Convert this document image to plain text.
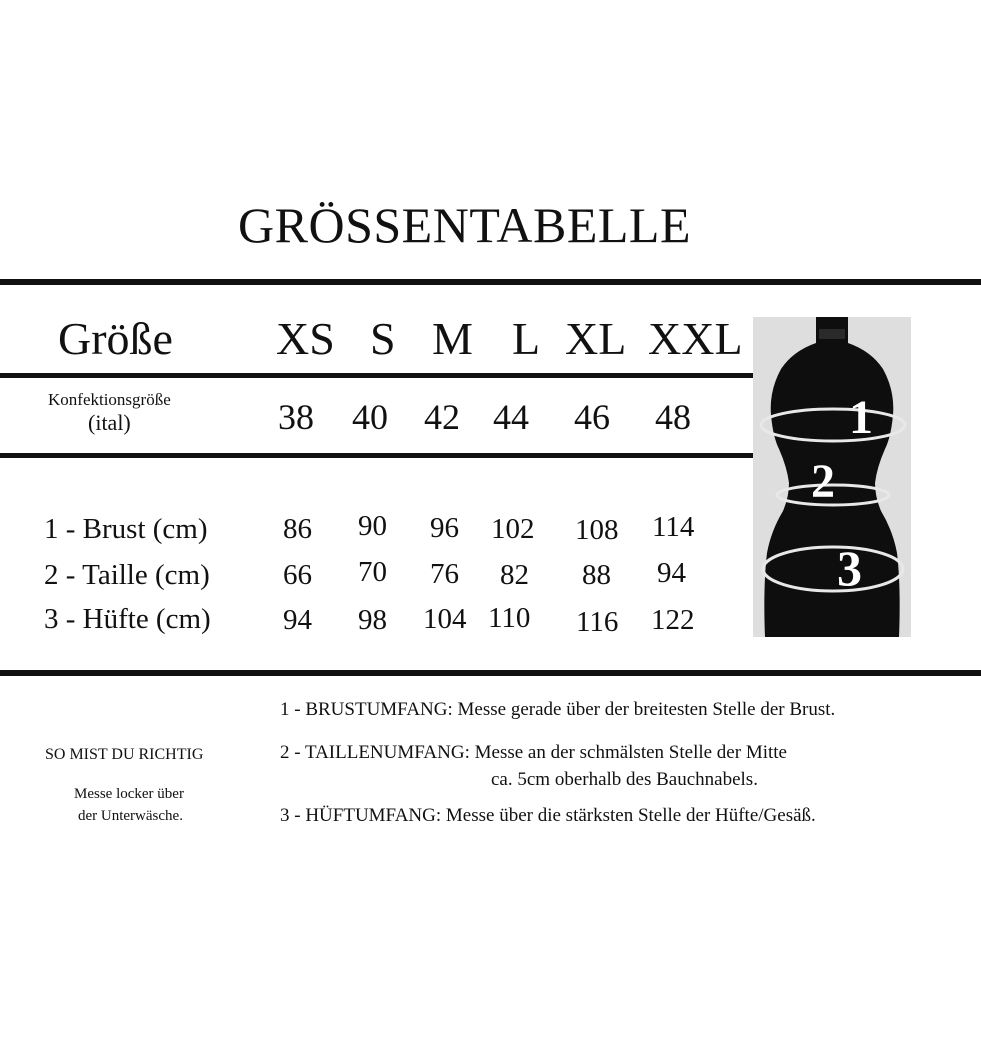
GRÖSSENTABELLE
Größe XS S M L XL XXL
Konfektionsgröße
(ital)	38 40 42 44 46 48
1 - Brust (cm)	86 90 96 102 108 114
2 - Taille (cm)	66 70 76 82 88 94
3 - Hüfte (cm) 94 98 104 110 116 122
1
2
3
1 - BRUSTUMFANG: Messe gerade über der breitesten Stelle der Brust.
2 - TAILLENUMFANG: Messe an der schmälsten Stelle der Mitte
ca. 5cm oberhalb des Bauchnabels.
3 - HÜFTUMFANG: Messe über die stärksten Stelle der Hüfte/Gesäß.
SO MIST DU RICHTIG
Messe locker über
der Unterwäsche.
